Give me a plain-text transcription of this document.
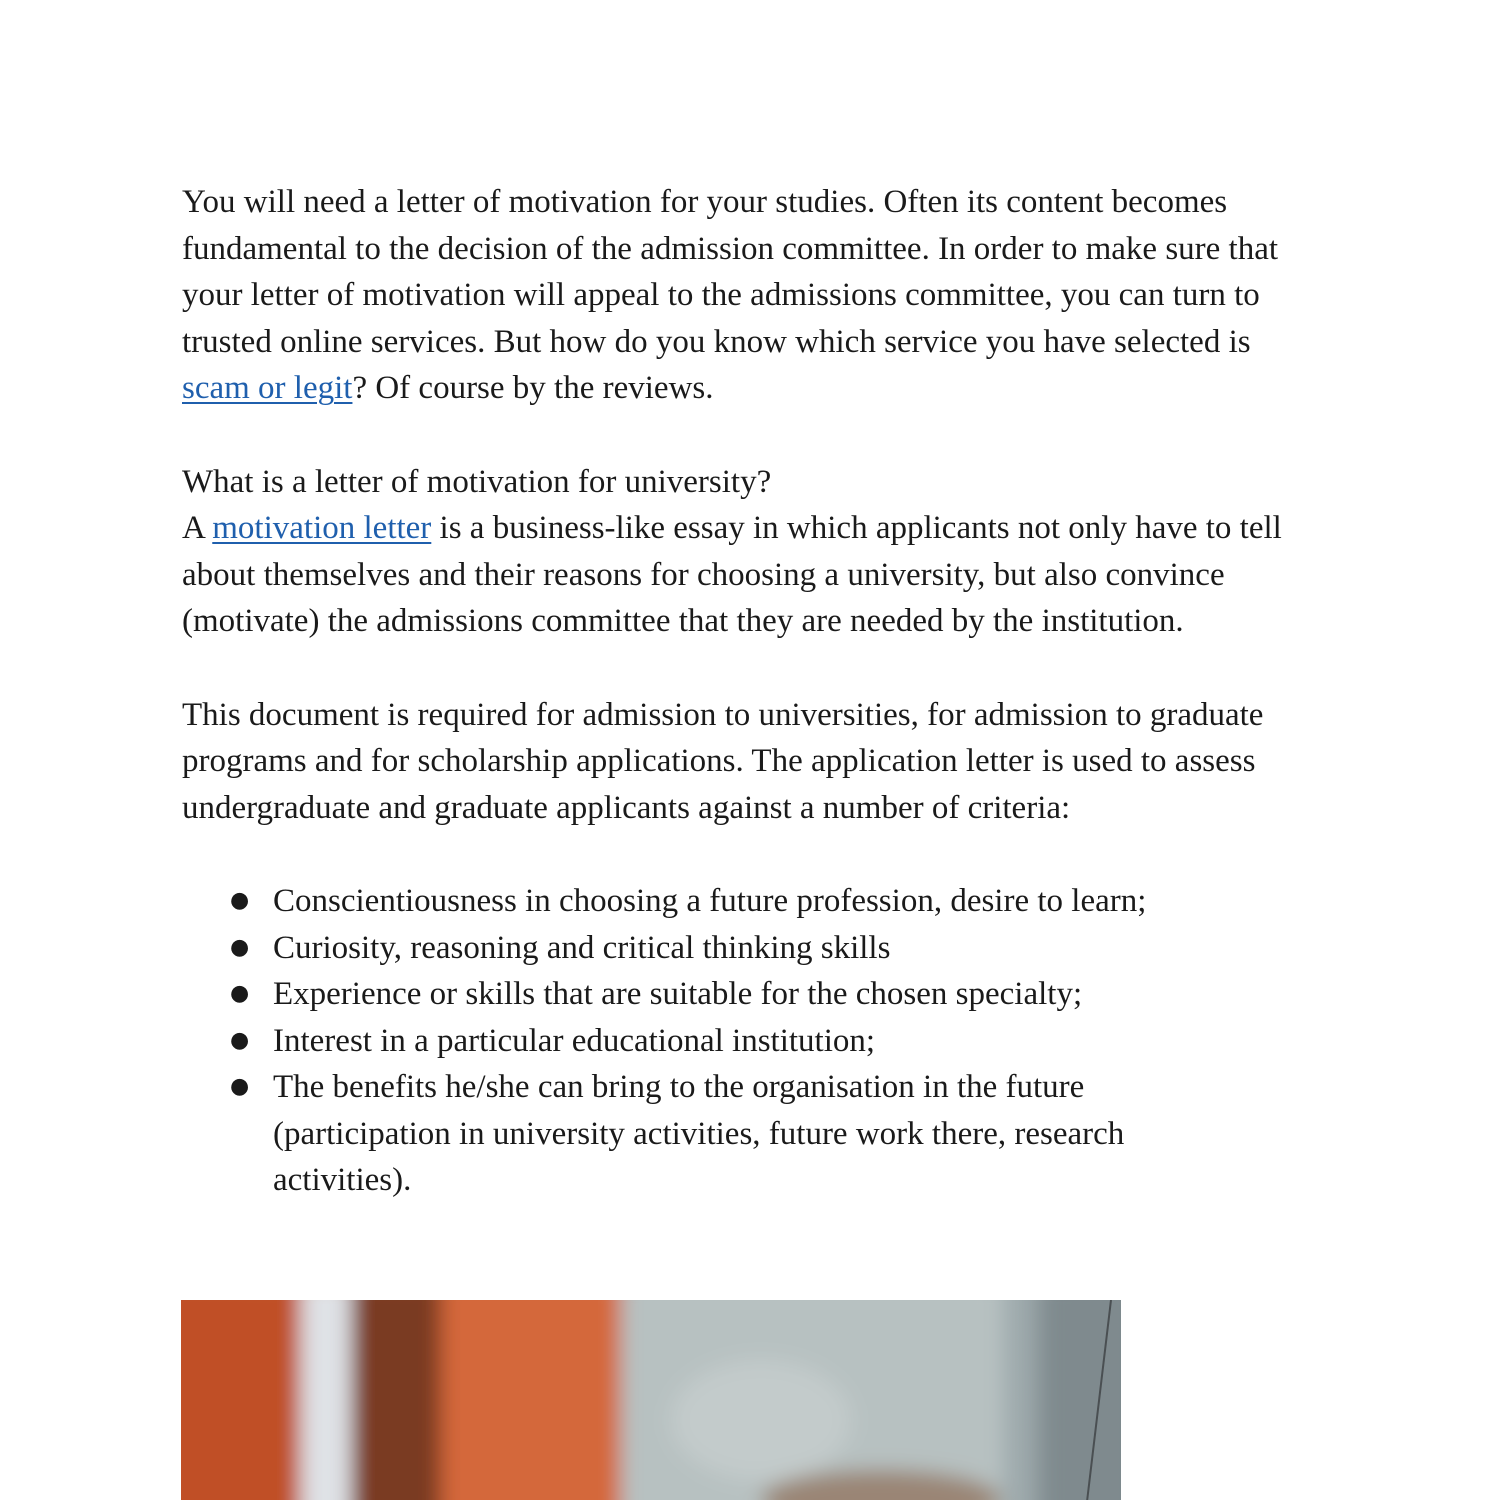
You will need a letter of motivation for your studies. Often its content becomes fundamental to the decision of the admission committee. In order to make sure that your letter of motivation will appeal to the admissions committee, you can turn to trusted online services. But how do you know which service you have selected is scam or legit? Of course by the reviews.

What is a letter of motivation for university?

A motivation letter is a business-like essay in which applicants not only have to tell about themselves and their reasons for choosing a university, but also convince (motivate) the admissions committee that they are needed by the institution.

This document is required for admission to universities, for admission to graduate programs and for scholarship applications. The application letter is used to assess undergraduate and graduate applicants against a number of criteria:

● Conscientiousness in choosing a future profession, desire to learn;
● Curiosity, reasoning and critical thinking skills
● Experience or skills that are suitable for the chosen specialty;
● Interest in a particular educational institution;
● The benefits he/she can bring to the organisation in the future (participation in university activities, future work there, research activities).
